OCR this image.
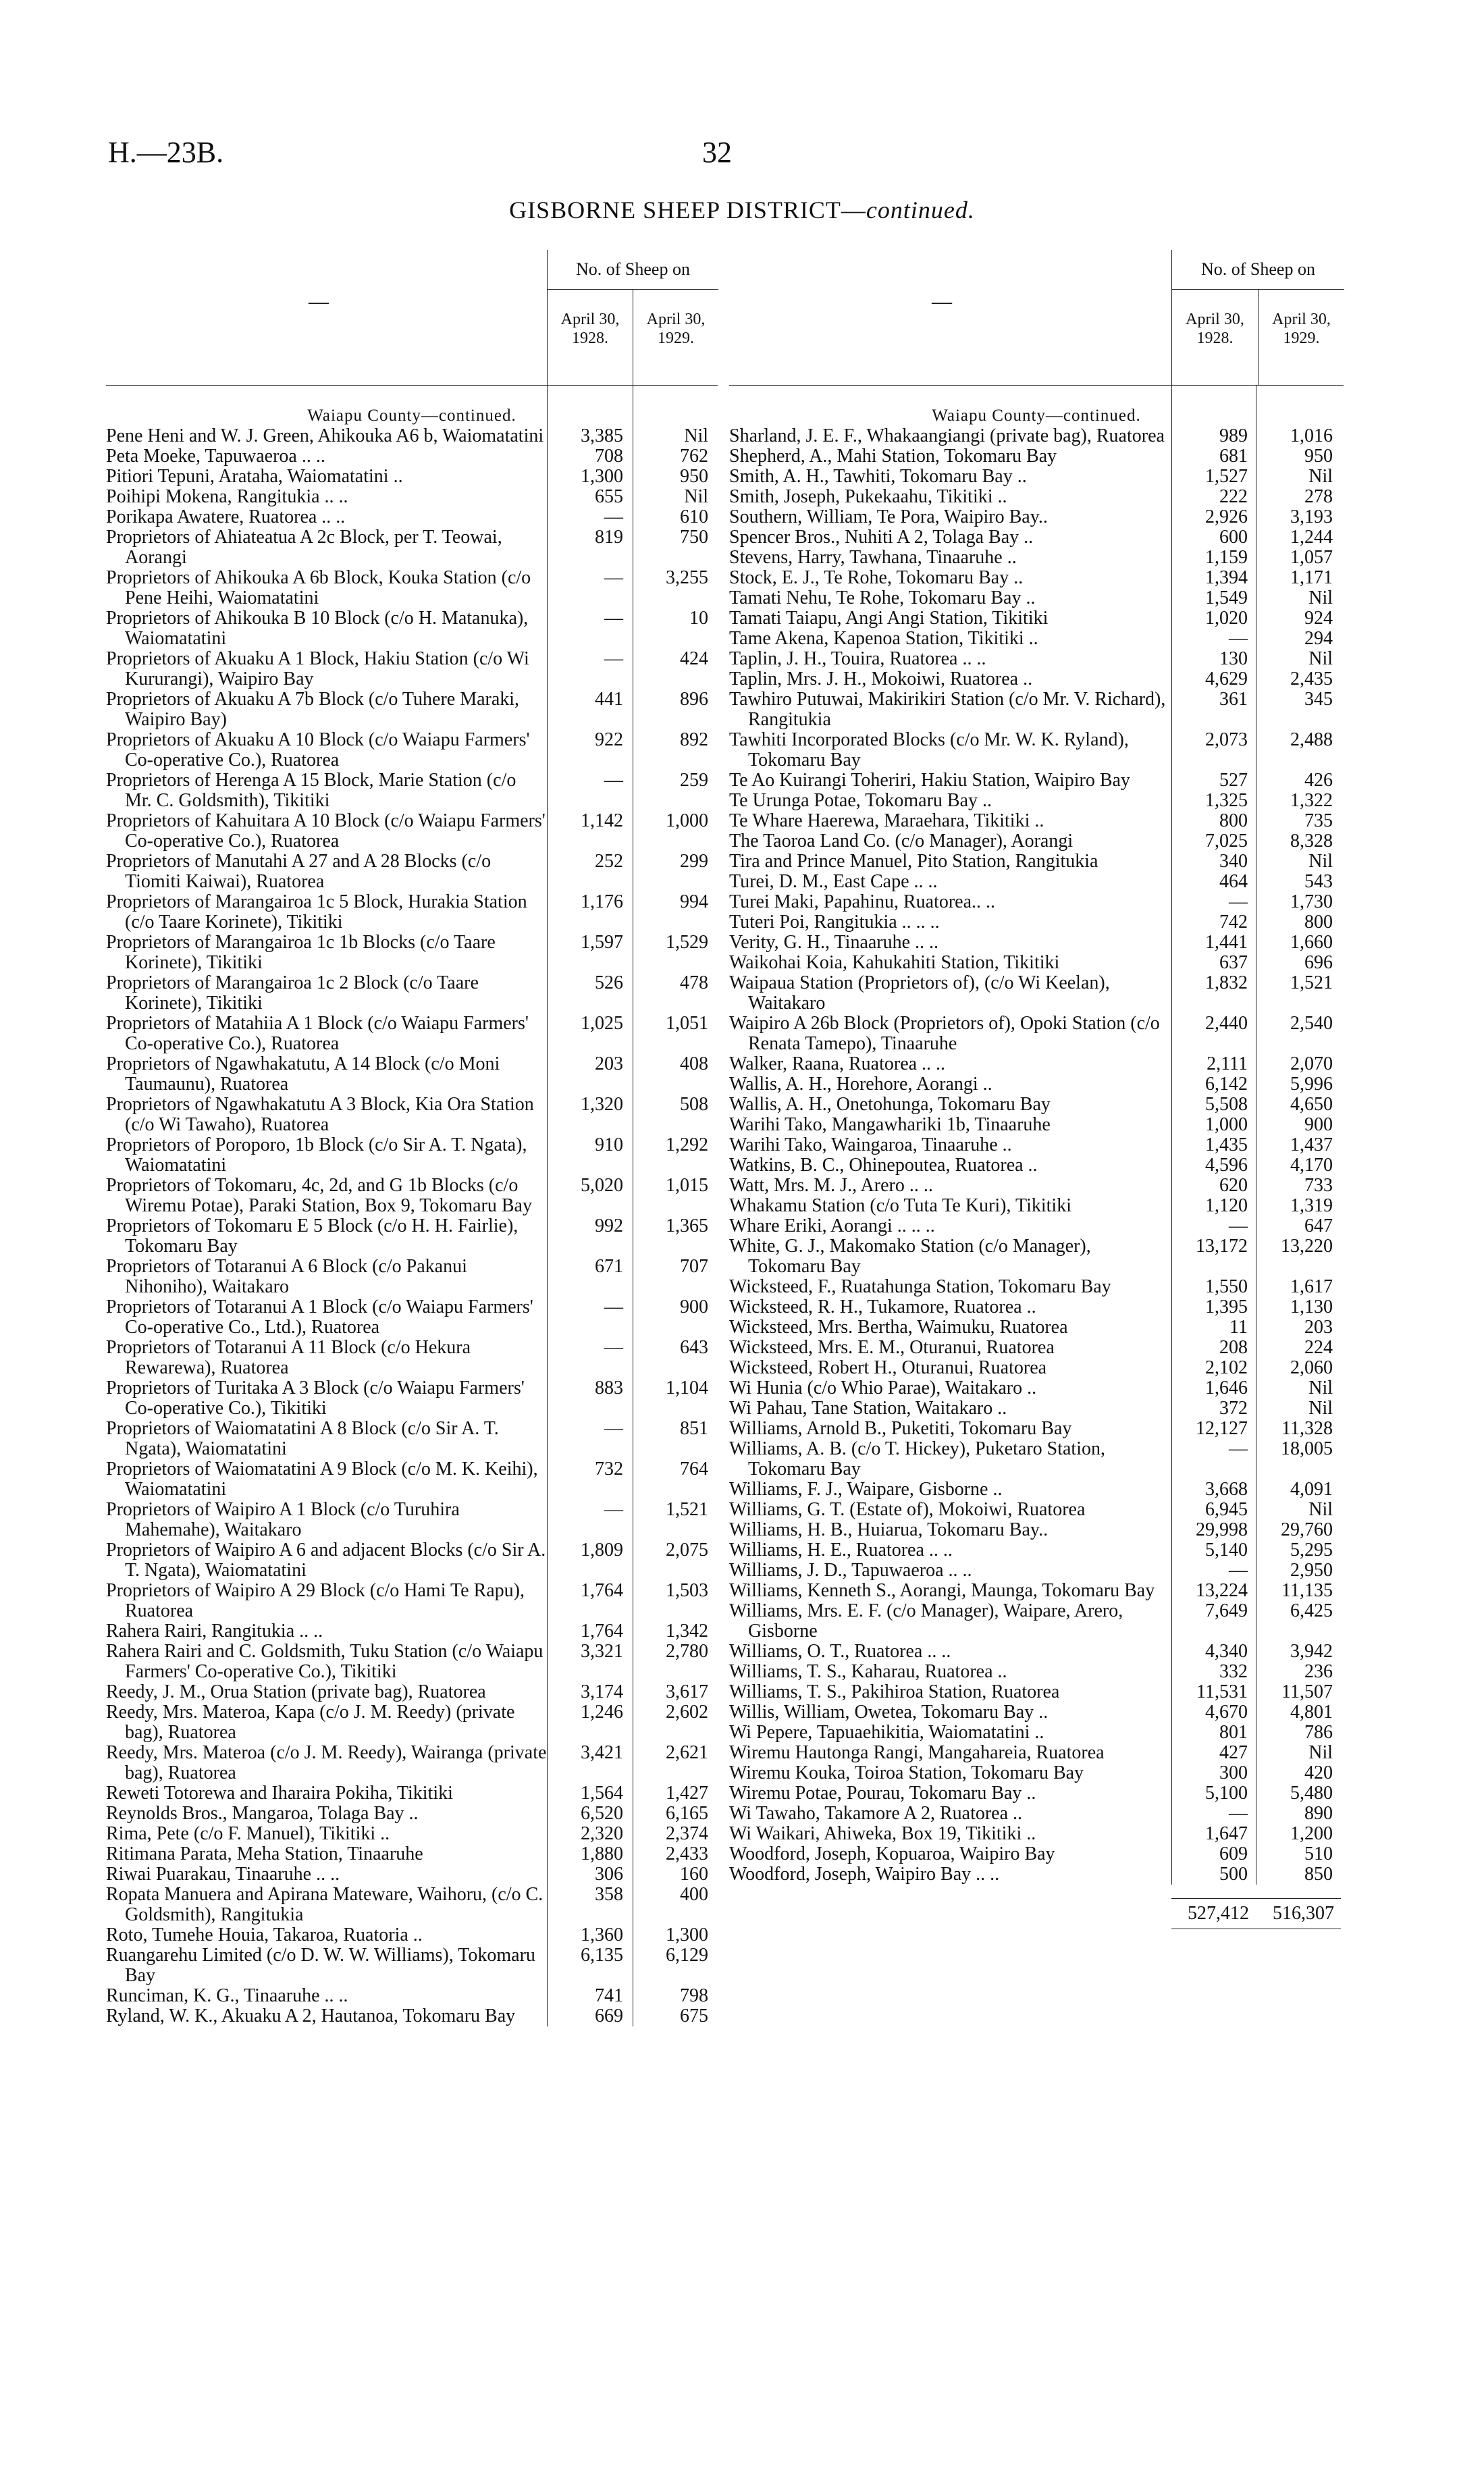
H.—23B.	32
GISBORNE SHEEP DISTRICT—continued.
—
No. of Sheep on
April 30, 1928.
April 30, 1929.
Waiapu County—continued.
Pene Heni and W. J. Green, Ahikouka A6 b, Waiomatatini	3,385	Nil
Peta Moeke, Tapuwaeroa .. ..	708	762
Pitiori Tepuni, Arataha, Waiomatatini ..	1,300	950
Poihipi Mokena, Rangitukia .. ..	655	Nil
Porikapa Awatere, Ruatorea .. ..	—	610
Proprietors of Ahiateatua A 2c Block, per T. Teowai, Aorangi
819	750
Proprietors of Ahikouka A 6b Block, Kouka Station (c/o Pene Heihi, Waiomatatini
—	3,255
Proprietors of Ahikouka B 10 Block (c/o H. Matanuka), Waiomatatini
—	10
Proprietors of Akuaku A 1 Block, Hakiu Station (c/o Wi Kururangi), Waipiro Bay
—	424
Proprietors of Akuaku A 7b Block (c/o Tuhere Maraki, Waipiro Bay)
441	896
Proprietors of Akuaku A 10 Block (c/o Waiapu Farmers' Co-operative Co.), Ruatorea
922	892
Proprietors of Herenga A 15 Block, Marie Station (c/o Mr. C. Goldsmith), Tikitiki
—	259
Proprietors of Kahuitara A 10 Block (c/o Waiapu Farmers' Co-operative Co.), Ruatorea
1,142	1,000
Proprietors of Manutahi A 27 and A 28 Blocks (c/o Tiomiti Kaiwai), Ruatorea
252	299
Proprietors of Marangairoa 1c 5 Block, Hurakia Station (c/o Taare Korinete), Tikitiki
1,176	994
Proprietors of Marangairoa 1c 1b Blocks (c/o Taare Korinete), Tikitiki
1,597	1,529
Proprietors of Marangairoa 1c 2 Block (c/o Taare Korinete), Tikitiki
526	478
Proprietors of Matahiia A 1 Block (c/o Waiapu Farmers' Co-operative Co.), Ruatorea
1,025	1,051
Proprietors of Ngawhakatutu, A 14 Block (c/o Moni Taumaunu), Ruatorea
203	408
Proprietors of Ngawhakatutu A 3 Block, Kia Ora Station (c/o Wi Tawaho), Ruatorea
1,320	508
Proprietors of Poroporo, 1b Block (c/o Sir A. T. Ngata), Waiomatatini
910	1,292
Proprietors of Tokomaru, 4c, 2d, and G 1b Blocks (c/o Wiremu Potae), Paraki Station, Box 9, Tokomaru Bay
5,020	1,015
Proprietors of Tokomaru E 5 Block (c/o H. H. Fairlie), Tokomaru Bay
992	1,365
Proprietors of Totaranui A 6 Block (c/o Pakanui Nihoniho), Waitakaro
671	707
Proprietors of Totaranui A 1 Block (c/o Waiapu Farmers' Co-operative Co., Ltd.), Ruatorea
—	900
Proprietors of Totaranui A 11 Block (c/o Hekura Rewarewa), Ruatorea
—	643
Proprietors of Turitaka A 3 Block (c/o Waiapu Farmers' Co-operative Co.), Tikitiki
883	1,104
Proprietors of Waiomatatini A 8 Block (c/o Sir A. T. Ngata), Waiomatatini
—	851
Proprietors of Waiomatatini A 9 Block (c/o M. K. Keihi), Waiomatatini
732	764
Proprietors of Waipiro A 1 Block (c/o Turuhira Mahemahe), Waitakaro
—	1,521
Proprietors of Waipiro A 6 and adjacent Blocks (c/o Sir A. T. Ngata), Waiomatatini
1,809	2,075
Proprietors of Waipiro A 29 Block (c/o Hami Te Rapu), Ruatorea
1,764	1,503
Rahera Rairi, Rangitukia .. ..	1,764	1,342
Rahera Rairi and C. Goldsmith, Tuku Station (c/o Waiapu Farmers' Co-operative Co.), Tikitiki
3,321	2,780
Reedy, J. M., Orua Station (private bag), Ruatorea	3,174	3,617
Reedy, Mrs. Materoa, Kapa (c/o J. M. Reedy) (private bag), Ruatorea
1,246	2,602
Reedy, Mrs. Materoa (c/o J. M. Reedy), Wairanga (private bag), Ruatorea
3,421	2,621
Reweti Totorewa and Iharaira Pokiha, Tikitiki	1,564	1,427
Reynolds Bros., Mangaroa, Tolaga Bay ..	6,520	6,165
Rima, Pete (c/o F. Manuel), Tikitiki ..	2,320	2,374
Ritimana Parata, Meha Station, Tinaaruhe	1,880	2,433
Riwai Puarakau, Tinaaruhe .. ..	306	160
Ropata Manuera and Apirana Mateware, Waihoru, (c/o C. Goldsmith), Rangitukia
358	400
Roto, Tumehe Houia, Takaroa, Ruatoria ..	1,360	1,300
Ruangarehu Limited (c/o D. W. W. Williams), Tokomaru Bay
6,135	6,129
Runciman, K. G., Tinaaruhe .. ..	741	798
Ryland, W. K., Akuaku A 2, Hautanoa, Tokomaru Bay	669	675
—
No. of Sheep on
April 30, 1928.
April 30, 1929.
Waiapu County—continued.
Sharland, J. E. F., Whakaangiangi (private bag), Ruatorea	989	1,016
Shepherd, A., Mahi Station, Tokomaru Bay	681	950
Smith, A. H., Tawhiti, Tokomaru Bay ..	1,527	Nil
Smith, Joseph, Pukekaahu, Tikitiki ..	222	278
Southern, William, Te Pora, Waipiro Bay..	2,926	3,193
Spencer Bros., Nuhiti A 2, Tolaga Bay ..	600	1,244
Stevens, Harry, Tawhana, Tinaaruhe ..	1,159	1,057
Stock, E. J., Te Rohe, Tokomaru Bay ..	1,394	1,171
Tamati Nehu, Te Rohe, Tokomaru Bay ..	1,549	Nil
Tamati Taiapu, Angi Angi Station, Tikitiki	1,020	924
Tame Akena, Kapenoa Station, Tikitiki ..	—	294
Taplin, J. H., Touira, Ruatorea .. ..	130	Nil
Taplin, Mrs. J. H., Mokoiwi, Ruatorea ..	4,629	2,435
Tawhiro Putuwai, Makirikiri Station (c/o Mr. V. Richard), Rangitukia
361	345
Tawhiti Incorporated Blocks (c/o Mr. W. K. Ryland), Tokomaru Bay
2,073	2,488
Te Ao Kuirangi Toheriri, Hakiu Station, Waipiro Bay	527	426
Te Urunga Potae, Tokomaru Bay ..	1,325	1,322
Te Whare Haerewa, Maraehara, Tikitiki ..	800	735
The Taoroa Land Co. (c/o Manager), Aorangi	7,025	8,328
Tira and Prince Manuel, Pito Station, Rangitukia	340	Nil
Turei, D. M., East Cape .. ..	464	543
Turei Maki, Papahinu, Ruatorea.. ..	—	1,730
Tuteri Poi, Rangitukia .. .. ..	742	800
Verity, G. H., Tinaaruhe .. ..	1,441	1,660
Waikohai Koia, Kahukahiti Station, Tikitiki	637	696
Waipaua Station (Proprietors of), (c/o Wi Keelan), Waitakaro
1,832	1,521
Waipiro A 26b Block (Proprietors of), Opoki Station (c/o Renata Tamepo), Tinaaruhe
2,440	2,540
Walker, Raana, Ruatorea .. ..	2,111	2,070
Wallis, A. H., Horehore, Aorangi ..	6,142	5,996
Wallis, A. H., Onetohunga, Tokomaru Bay	5,508	4,650
Warihi Tako, Mangawhariki 1b, Tinaaruhe	1,000	900
Warihi Tako, Waingaroa, Tinaaruhe ..	1,435	1,437
Watkins, B. C., Ohinepoutea, Ruatorea ..	4,596	4,170
Watt, Mrs. M. J., Arero .. ..	620	733
Whakamu Station (c/o Tuta Te Kuri), Tikitiki	1,120	1,319
Whare Eriki, Aorangi .. .. ..	—	647
White, G. J., Makomako Station (c/o Manager), Tokomaru Bay
13,172	13,220
Wicksteed, F., Ruatahunga Station, Tokomaru Bay	1,550	1,617
Wicksteed, R. H., Tukamore, Ruatorea ..	1,395	1,130
Wicksteed, Mrs. Bertha, Waimuku, Ruatorea	11	203
Wicksteed, Mrs. E. M., Oturanui, Ruatorea	208	224
Wicksteed, Robert H., Oturanui, Ruatorea	2,102	2,060
Wi Hunia (c/o Whio Parae), Waitakaro ..	1,646	Nil
Wi Pahau, Tane Station, Waitakaro ..	372	Nil
Williams, Arnold B., Puketiti, Tokomaru Bay	12,127	11,328
Williams, A. B. (c/o T. Hickey), Puketaro Station, Tokomaru Bay
—	18,005
Williams, F. J., Waipare, Gisborne ..	3,668	4,091
Williams, G. T. (Estate of), Mokoiwi, Ruatorea	6,945	Nil
Williams, H. B., Huiarua, Tokomaru Bay..	29,998	29,760
Williams, H. E., Ruatorea .. ..	5,140	5,295
Williams, J. D., Tapuwaeroa .. ..	—	2,950
Williams, Kenneth S., Aorangi, Maunga, Tokomaru Bay	13,224	11,135
Williams, Mrs. E. F. (c/o Manager), Waipare, Arero, Gisborne
7,649	6,425
Williams, O. T., Ruatorea .. ..	4,340	3,942
Williams, T. S., Kaharau, Ruatorea ..	332	236
Williams, T. S., Pakihiroa Station, Ruatorea	11,531	11,507
Willis, William, Owetea, Tokomaru Bay ..	4,670	4,801
Wi Pepere, Tapuaehikitia, Waiomatatini ..	801	786
Wiremu Hautonga Rangi, Mangahareia, Ruatorea	427	Nil
Wiremu Kouka, Toiroa Station, Tokomaru Bay	300	420
Wiremu Potae, Pourau, Tokomaru Bay ..	5,100	5,480
Wi Tawaho, Takamore A 2, Ruatorea ..	—	890
Wi Waikari, Ahiweka, Box 19, Tikitiki ..	1,647	1,200
Woodford, Joseph, Kopuaroa, Waipiro Bay	609	510
Woodford, Joseph, Waipiro Bay .. ..	500	850
527,412	516,307
